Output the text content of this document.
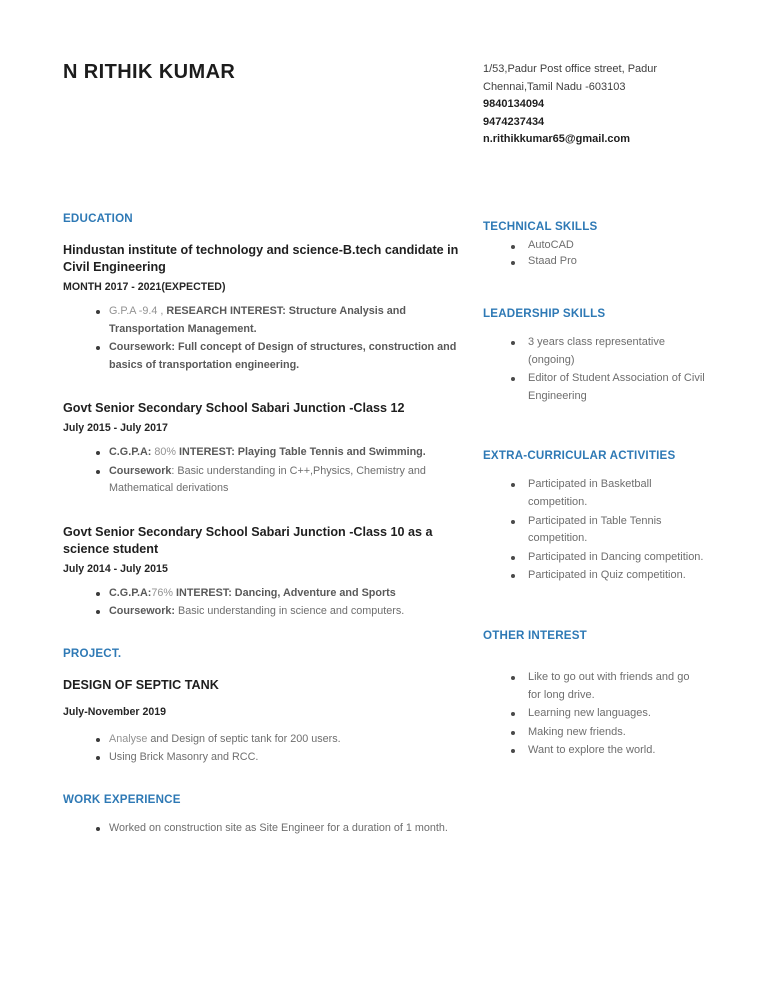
N RITHIK KUMAR	1/53,Padur Post office street, Padur
Chennai,Tamil Nadu -603103
9840134094
9474237434
n.rithikkumar65@gmail.com
EDUCATION
Hindustan institute of technology and science-B.tech candidate in Civil Engineering
MONTH 2017 - 2021(EXPECTED)
G.P.A -9.4 , RESEARCH INTEREST: Structure Analysis and Transportation Management.
Coursework: Full concept of Design of structures, construction and basics of transportation engineering.
Govt Senior Secondary School Sabari Junction -Class 12
July 2015 - July 2017
C.G.P.A: 80% INTEREST: Playing Table Tennis and Swimming.
Coursework: Basic understanding in C++,Physics, Chemistry and Mathematical derivations
Govt Senior Secondary School Sabari Junction -Class 10 as a science student
July 2014 - July 2015
C.G.P.A:76% INTEREST: Dancing, Adventure and Sports
Coursework: Basic understanding in science and computers.
PROJECT.
DESIGN OF SEPTIC TANK
July-November 2019
Analyse and Design of septic tank for 200 users.
Using Brick Masonry and RCC.
WORK EXPERIENCE
Worked on construction site as Site Engineer for a duration of 1 month.
TECHNICAL SKILLS
AutoCAD
Staad Pro
LEADERSHIP SKILLS
3 years class representative (ongoing)
Editor of Student Association of Civil Engineering
EXTRA-CURRICULAR ACTIVITIES
Participated in Basketball competition.
Participated in Table Tennis competition.
Participated in Dancing competition.
Participated in Quiz competition.
OTHER INTEREST
Like to go out with friends and go for long drive.
Learning new languages.
Making new friends.
Want to explore the world.
